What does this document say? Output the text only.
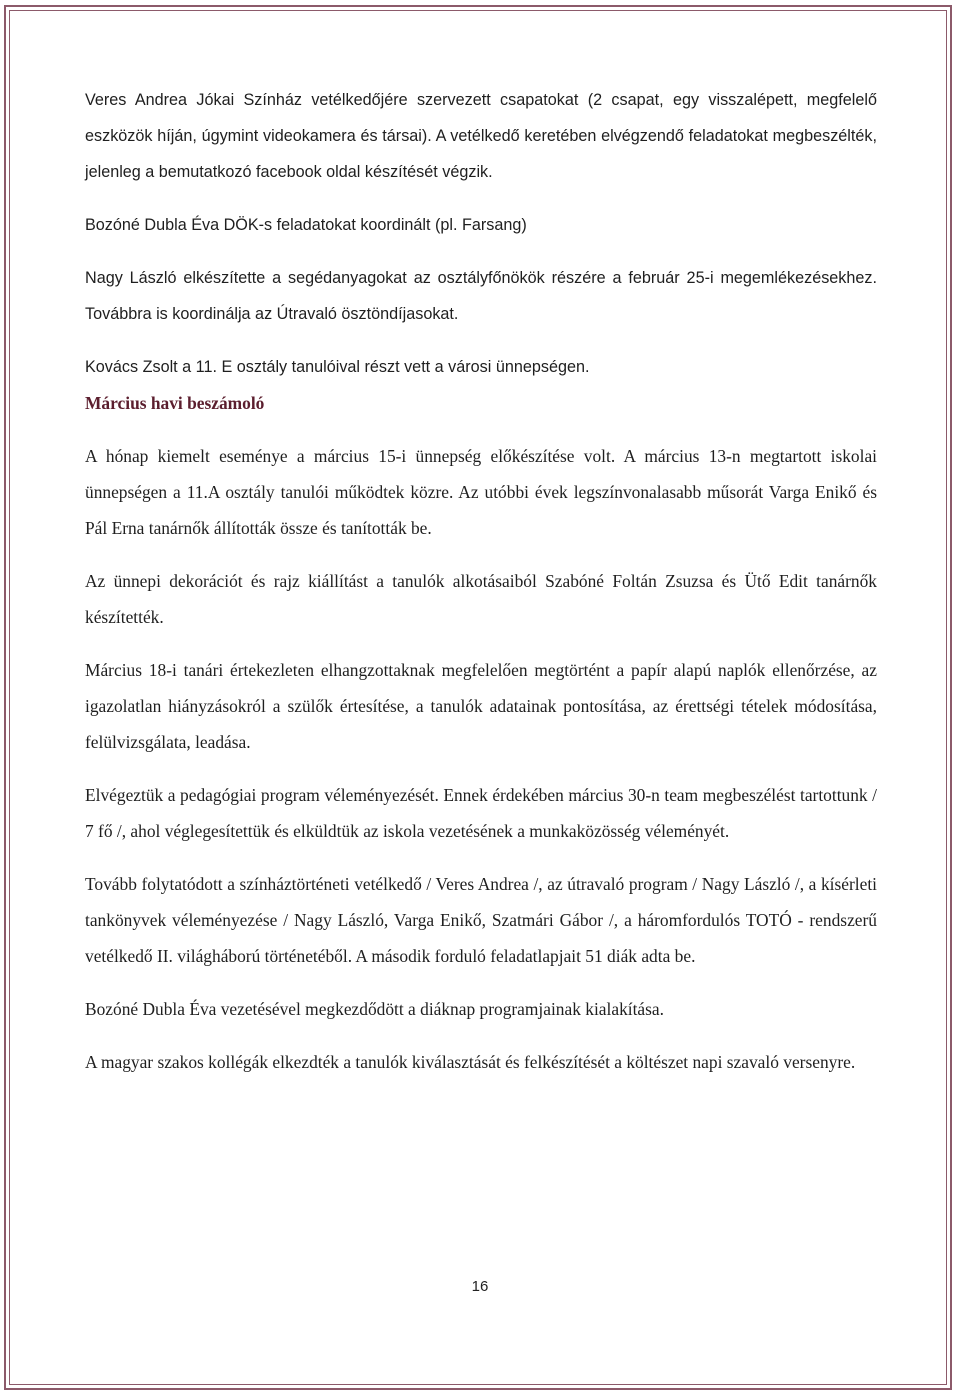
Veres Andrea Jókai Színház vetélkedőjére szervezett csapatokat (2 csapat, egy visszalépett, megfelelő eszközök híján, úgymint videokamera és társai). A vetélkedő keretében elvégzendő feladatokat megbeszélték, jelenleg a bemutatkozó facebook oldal készítését végzik.

Bozóné Dubla Éva DÖK-s feladatokat koordinált (pl. Farsang)

Nagy László elkészítette a segédanyagokat az osztályfőnökök részére a február 25-i megemlékezésekhez. Továbbra is koordinálja az Útravaló ösztöndíjasokat.

Kovács Zsolt a 11. E osztály tanulóival részt vett a városi ünnepségen.

Március havi beszámoló

A hónap kiemelt eseménye a március 15-i ünnepség előkészítése volt. A március 13-n megtartott iskolai ünnepségen a 11.A osztály tanulói működtek közre. Az utóbbi évek legszínvonalasabb műsorát Varga Enikő és Pál Erna tanárnők állították össze és tanították be.

Az ünnepi dekorációt és rajz kiállítást a tanulók alkotásaiból Szabóné Foltán Zsuzsa és Ütő Edit tanárnők készítették.

Március 18-i tanári értekezleten elhangzottaknak megfelelően megtörtént a papír alapú naplók ellenőrzése, az igazolatlan hiányzásokról a szülők értesítése, a tanulók adatainak pontosítása, az érettségi tételek módosítása, felülvizsgálata, leadása.

Elvégeztük a pedagógiai program véleményezését. Ennek érdekében március 30-n team megbeszélést tartottunk / 7 fő /, ahol véglegesítettük és elküldtük az iskola vezetésének a munkaközösség véleményét.

Tovább folytatódott a színháztörténeti vetélkedő / Veres Andrea /, az útravaló program / Nagy László /, a kísérleti tankönyvek véleményezése / Nagy László, Varga Enikő, Szatmári Gábor /, a háromfordulós TOTÓ - rendszerű vetélkedő II. világháború történetéből. A második forduló feladatlapjait 51 diák adta be.

Bozóné Dubla Éva vezetésével megkezdődött a diáknap programjainak kialakítása.

A magyar szakos kollégák elkezdték a tanulók kiválasztását és felkészítését a költészet napi szavaló versenyre.

16
